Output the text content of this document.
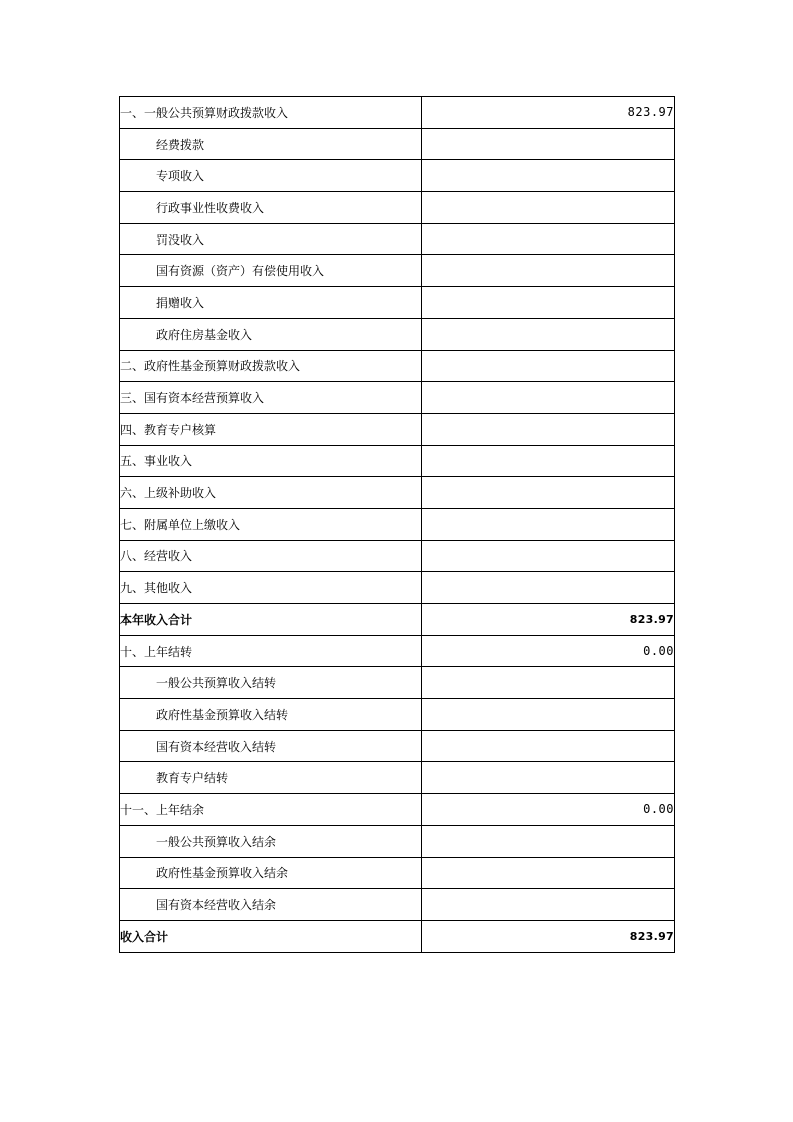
一、一般公共预算财政拨款收入	823.97
经费拨款	
专项收入	
行政事业性收费收入	
罚没收入	
国有资源（资产）有偿使用收入	
捐赠收入	
政府住房基金收入	
二、政府性基金预算财政拨款收入	
三、国有资本经营预算收入	
四、教育专户核算	
五、事业收入	
六、上级补助收入	
七、附属单位上缴收入	
八、经营收入	
九、其他收入	
本年收入合计	823.97
十、上年结转	0.00
一般公共预算收入结转	
政府性基金预算收入结转	
国有资本经营收入结转	
教育专户结转	
十一、上年结余	0.00
一般公共预算收入结余	
政府性基金预算收入结余	
国有资本经营收入结余	
收入合计	823.97
